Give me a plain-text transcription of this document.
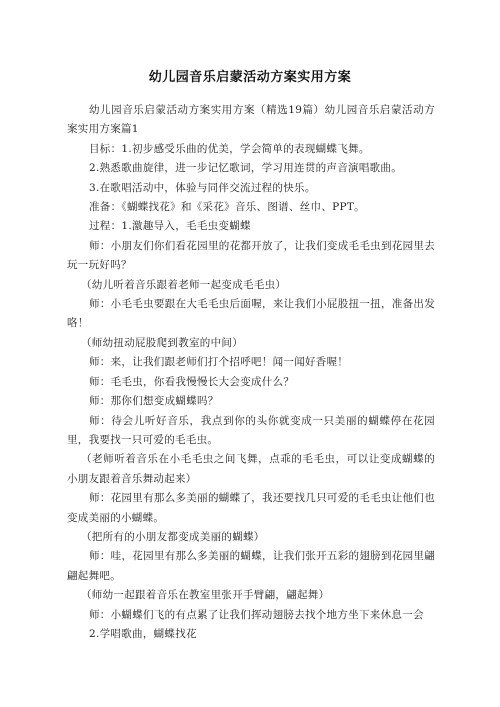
幼儿园音乐启蒙活动方案实用方案

幼儿园音乐启蒙活动方案实用方案（精选19篇）幼儿园音乐启蒙活动方案实用方案篇1

目标：1.初步感受乐曲的优美，学会简单的表现蝴蝶飞舞。

2.熟悉歌曲旋律，进一步记忆歌词，学习用连贯的声音演唱歌曲。

3.在歌唱活动中，体验与同伴交流过程的快乐。

准备：《蝴蝶找花》和《采花》音乐、图谱、丝巾、PPT。

过程：1.激趣导入，毛毛虫变蝴蝶

师：小朋友们你们看花园里的花都开放了，让我们变成毛毛虫到花园里去玩一玩好吗？

（幼儿听着音乐跟着老师一起变成毛毛虫）

师：小毛毛虫要跟在大毛毛虫后面喔，来让我们小屁股扭一扭，准备出发咯！

（师幼扭动屁股爬到教室的中间）

师：来，让我们跟老师们打个招呼吧！闻一闻好香喔！

师：毛毛虫，你看我慢慢长大会变成什么？

师：那你们想变成蝴蝶吗？

师：待会儿听好音乐，我点到你的头你就变成一只美丽的蝴蝶停在花园里，我要找一只可爱的毛毛虫。

（老师听着音乐在小毛毛虫之间飞舞，点乖的毛毛虫，可以让变成蝴蝶的小朋友跟着音乐舞动起来）

师：花园里有那么多美丽的蝴蝶了，我还要找几只可爱的毛毛虫让他们也变成美丽的小蝴蝶。

（把所有的小朋友都变成美丽的蝴蝶）

师：哇，花园里有那么多美丽的蝴蝶，让我们张开五彩的翅膀到花园里翩翩起舞吧。

（师幼一起跟着音乐在教室里张开手臂翩，翩起舞）

师：小蝴蝶们飞的有点累了让我们挥动翅膀去找个地方坐下来休息一会

2.学唱歌曲，蝴蝶找花
